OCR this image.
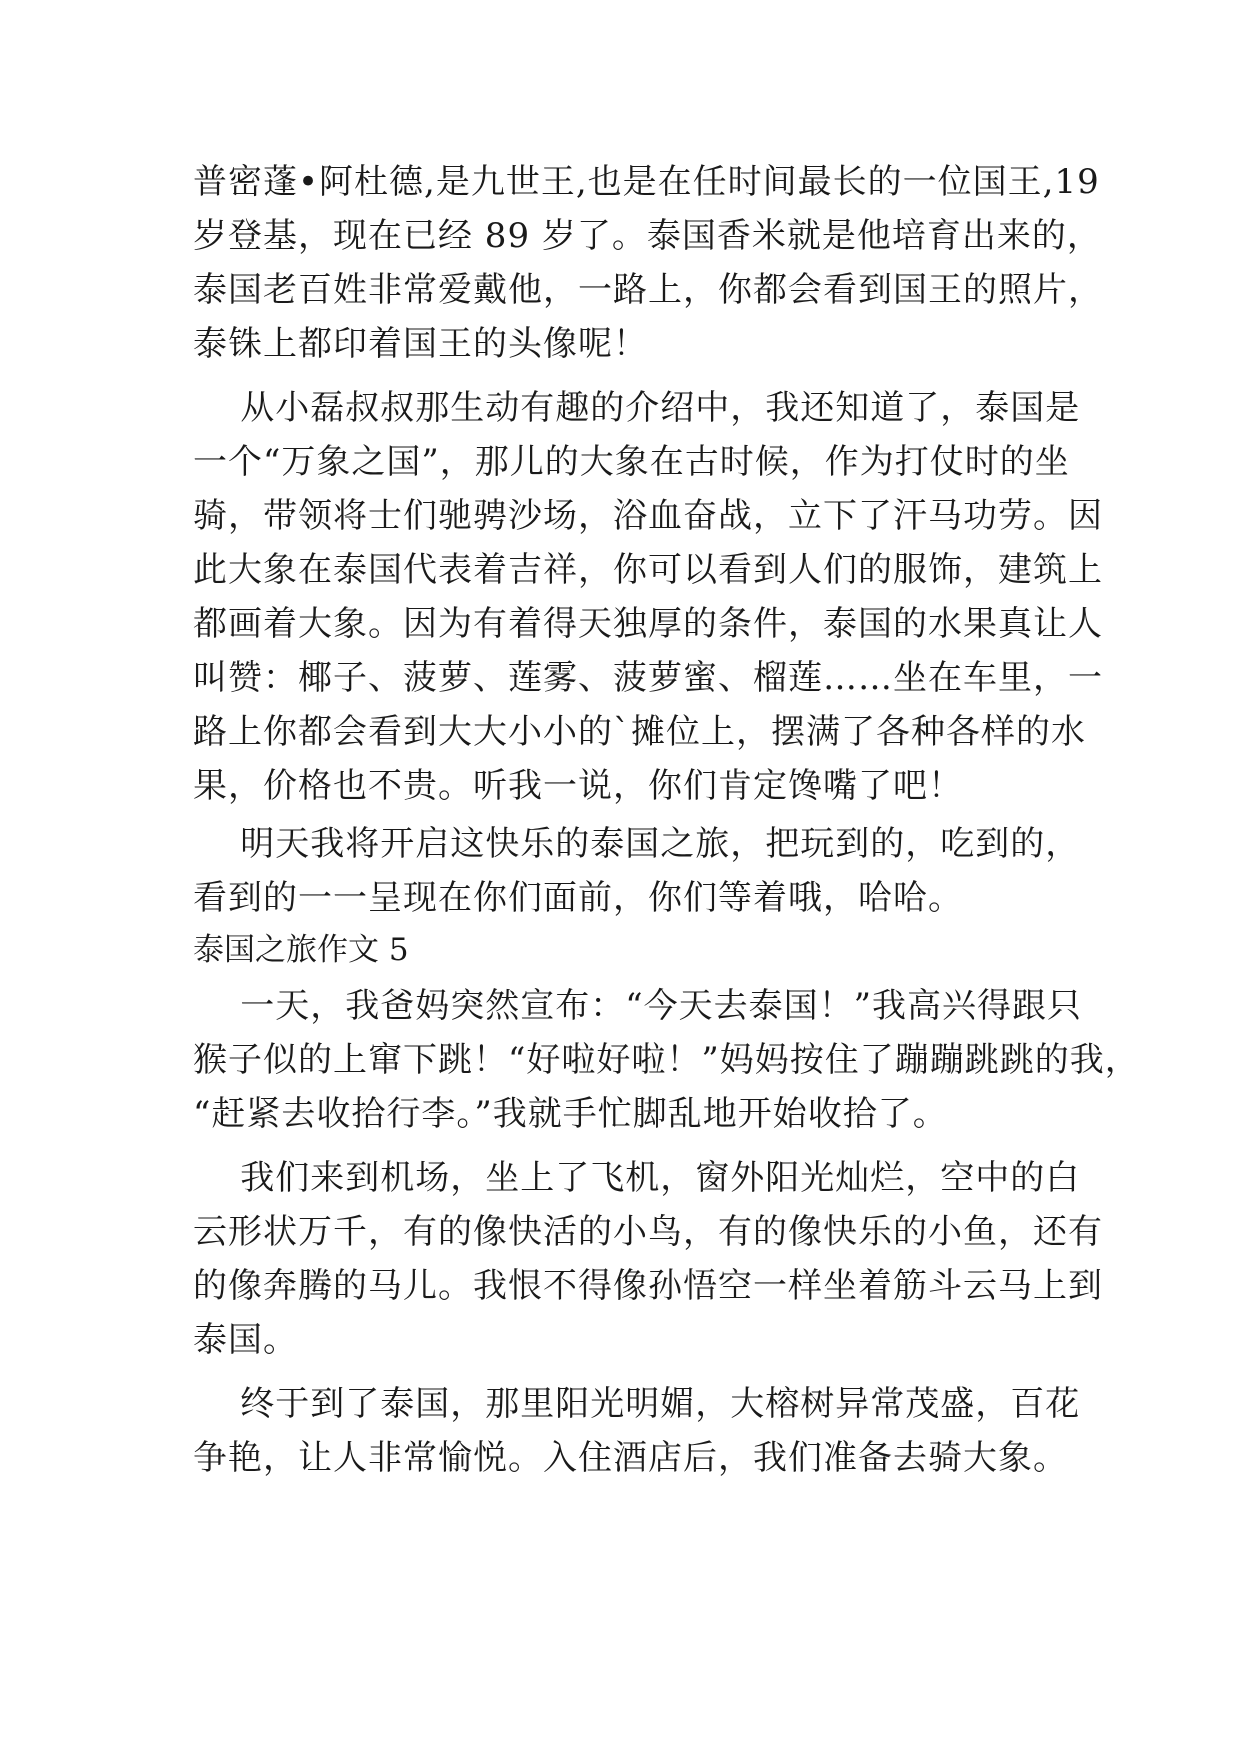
普密蓬•阿杜德,是九世王,也是在任时间最长的一位国王,19

岁登基，现在已经 89 岁了。泰国香米就是他培育出来的，

泰国老百姓非常爱戴他，一路上，你都会看到国王的照片，

泰铢上都印着国王的头像呢！

从小磊叔叔那生动有趣的介绍中，我还知道了，泰国是

一个“万象之国”，那儿的大象在古时候，作为打仗时的坐

骑，带领将士们驰骋沙场，浴血奋战，立下了汗马功劳。因

此大象在泰国代表着吉祥，你可以看到人们的服饰，建筑上

都画着大象。因为有着得天独厚的条件，泰国的水果真让人

叫赞：椰子、菠萝、莲雾、菠萝蜜、榴莲……坐在车里，一

路上你都会看到大大小小的`摊位上，摆满了各种各样的水

果，价格也不贵。听我一说，你们肯定馋嘴了吧！

明天我将开启这快乐的泰国之旅，把玩到的，吃到的，

看到的一一呈现在你们面前，你们等着哦，哈哈。

泰国之旅作文 5

一天，我爸妈突然宣布：“今天去泰国！”我高兴得跟只

猴子似的上窜下跳！“好啦好啦！”妈妈按住了蹦蹦跳跳的我，

“赶紧去收拾行李。”我就手忙脚乱地开始收拾了。

我们来到机场，坐上了飞机，窗外阳光灿烂，空中的白

云形状万千，有的像快活的小鸟，有的像快乐的小鱼，还有

的像奔腾的马儿。我恨不得像孙悟空一样坐着筋斗云马上到

泰国。

终于到了泰国，那里阳光明媚，大榕树异常茂盛，百花

争艳，让人非常愉悦。入住酒店后，我们准备去骑大象。
